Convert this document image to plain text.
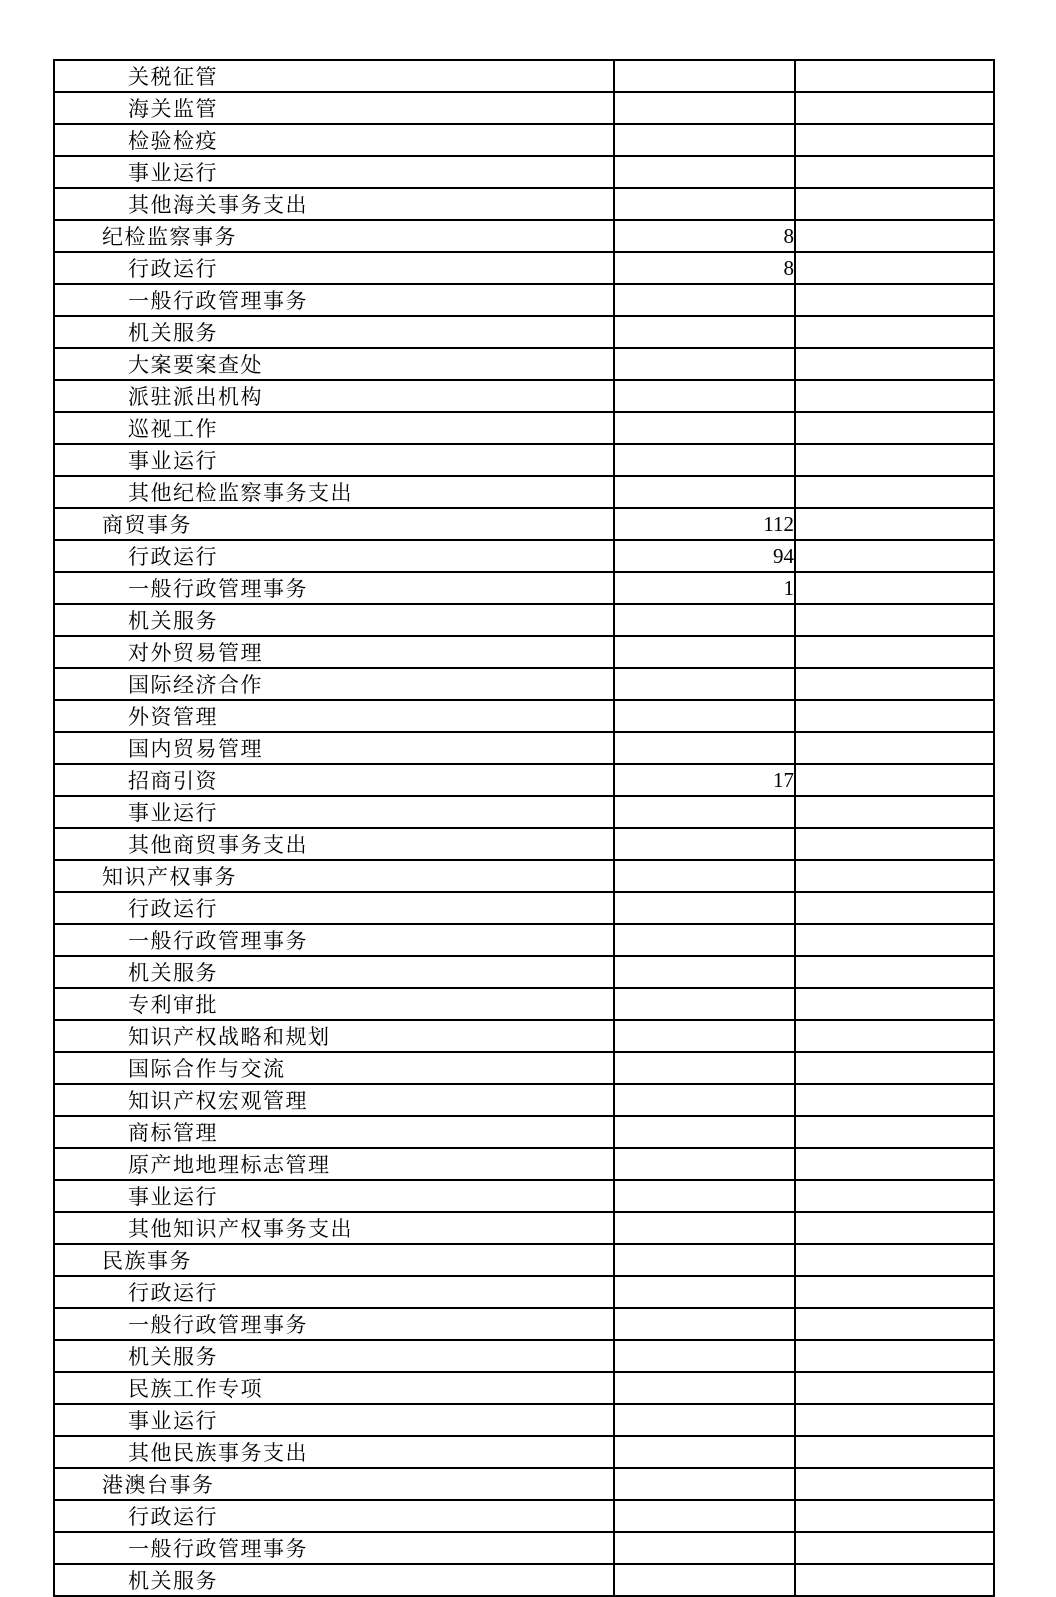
关税征管		
海关监管		
检验检疫		
事业运行		
其他海关事务支出		
纪检监察事务	8	
行政运行	8	
一般行政管理事务		
机关服务		
大案要案查处		
派驻派出机构		
巡视工作		
事业运行		
其他纪检监察事务支出		
商贸事务	112	
行政运行	94	
一般行政管理事务	1	
机关服务		
对外贸易管理		
国际经济合作		
外资管理		
国内贸易管理		
招商引资	17	
事业运行		
其他商贸事务支出		
知识产权事务		
行政运行		
一般行政管理事务		
机关服务		
专利审批		
知识产权战略和规划		
国际合作与交流		
知识产权宏观管理		
商标管理		
原产地地理标志管理		
事业运行		
其他知识产权事务支出		
民族事务		
行政运行		
一般行政管理事务		
机关服务		
民族工作专项		
事业运行		
其他民族事务支出		
港澳台事务		
行政运行		
一般行政管理事务		
机关服务		
